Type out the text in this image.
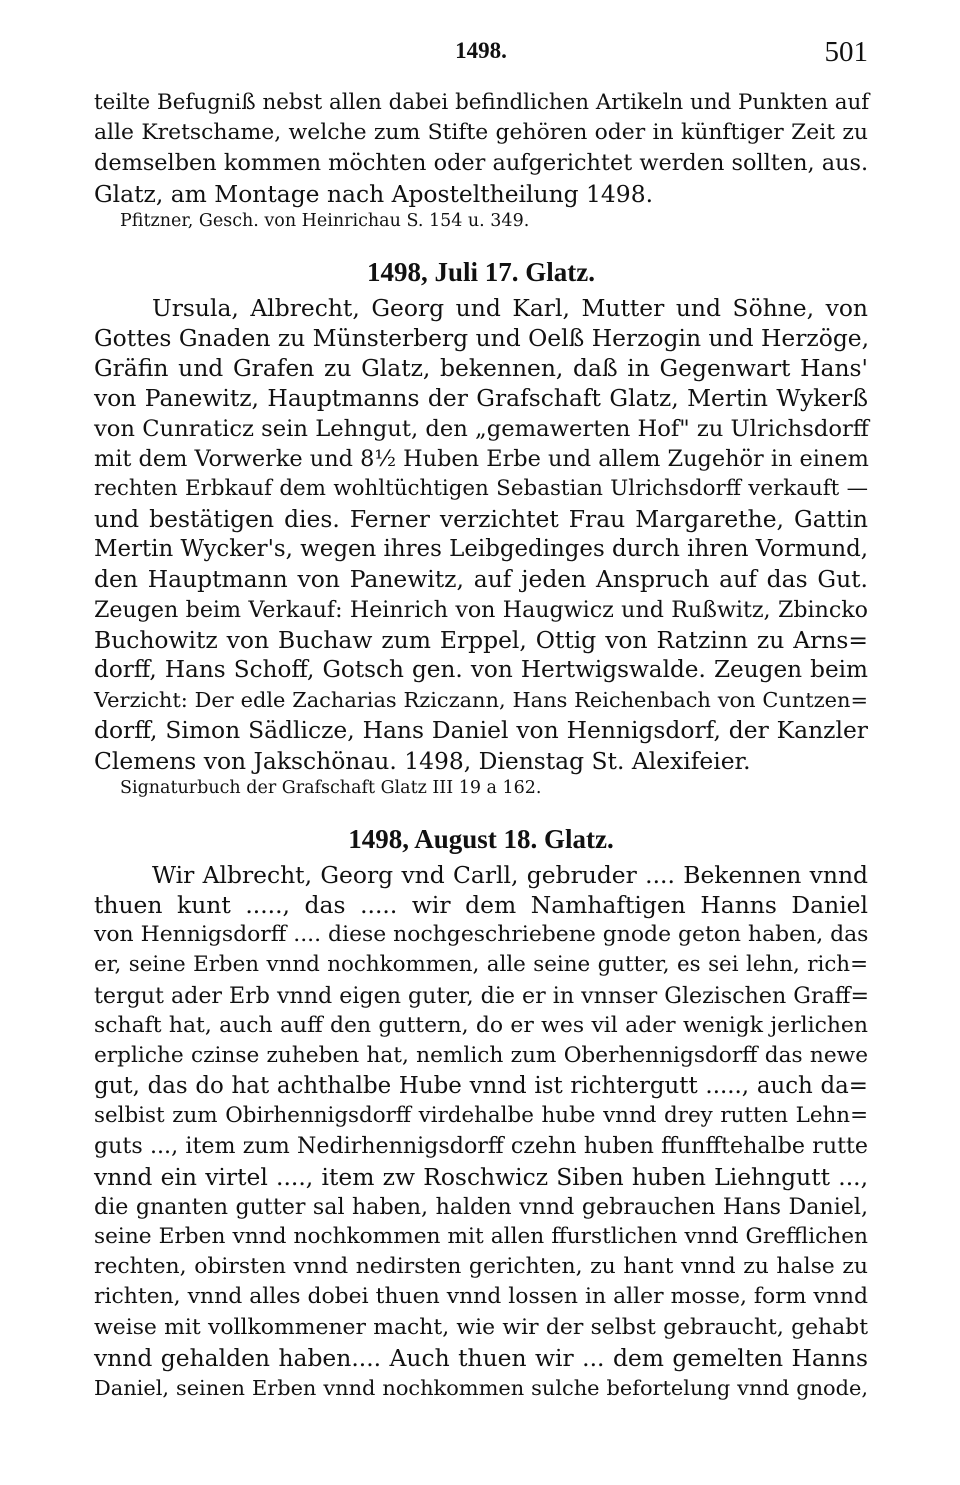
1498.	501
teilte Befugniß nebst allen dabei befindlichen Artikeln und Punkten auf
alle Kretschame, welche zum Stifte gehören oder in künftiger Zeit zu
demselben kommen möchten oder aufgerichtet werden sollten, aus.
Glatz, am Montage nach Aposteltheilung 1498.
Pfitzner, Gesch. von Heinrichau S. 154 u. 349.
1498, Juli 17. Glatz.
Ursula, Albrecht, Georg und Karl, Mutter und Söhne, von
Gottes Gnaden zu Münsterberg und Oelß Herzogin und Herzöge,
Gräfin und Grafen zu Glatz, bekennen, daß in Gegenwart Hans'
von Panewitz, Hauptmanns der Grafschaft Glatz, Mertin Wykerß
von Cunraticz sein Lehngut, den „gemawerten Hof" zu Ulrichsdorff
mit dem Vorwerke und 8½ Huben Erbe und allem Zugehör in einem
rechten Erbkauf dem wohltüchtigen Sebastian Ulrichsdorff verkauft —
und bestätigen dies. Ferner verzichtet Frau Margarethe, Gattin
Mertin Wycker's, wegen ihres Leibgedinges durch ihren Vormund,
den Hauptmann von Panewitz, auf jeden Anspruch auf das Gut.
Zeugen beim Verkauf: Heinrich von Haugwicz und Rußwitz, Zbincko
Buchowitz von Buchaw zum Erppel, Ottig von Ratzinn zu Arns=
dorff, Hans Schoff, Gotsch gen. von Hertwigswalde. Zeugen beim
Verzicht: Der edle Zacharias Rziczann, Hans Reichenbach von Cuntzen=
dorff, Simon Sädlicze, Hans Daniel von Hennigsdorf, der Kanzler
Clemens von Jakschönau. 1498, Dienstag St. Alexifeier.
Signaturbuch der Grafschaft Glatz III 19 a 162.
1498, August 18. Glatz.
Wir Albrecht, Georg vnd Carll, gebruder .... Bekennen vnnd
thuen kunt ....., das ..... wir dem Namhaftigen Hanns Daniel
von Hennigsdorff .... diese nochgeschriebene gnode geton haben, das
er, seine Erben vnnd nochkommen, alle seine gutter, es sei lehn, rich=
tergut ader Erb vnnd eigen guter, die er in vnnser Glezischen Graff=
schaft hat, auch auff den guttern, do er wes vil ader wenigk jerlichen
erpliche czinse zuheben hat, nemlich zum Oberhennigsdorff das newe
gut, das do hat achthalbe Hube vnnd ist richtergutt ....., auch da=
selbist zum Obirhennigsdorff virdehalbe hube vnnd drey rutten Lehn=
guts ..., item zum Nedirhennigsdorff czehn huben ffunfftehalbe rutte
vnnd ein virtel ...., item zw Roschwicz Siben huben Liehngutt ...,
die gnanten gutter sal haben, halden vnnd gebrauchen Hans Daniel,
seine Erben vnnd nochkommen mit allen ffurstlichen vnnd Grefflichen
rechten, obirsten vnnd nedirsten gerichten, zu hant vnnd zu halse zu
richten, vnnd alles dobei thuen vnnd lossen in aller mosse, form vnnd
weise mit vollkommener macht, wie wir der selbst gebraucht, gehabt
vnnd gehalden haben.... Auch thuen wir ... dem gemelten Hanns
Daniel, seinen Erben vnnd nochkommen sulche befortelung vnnd gnode,
